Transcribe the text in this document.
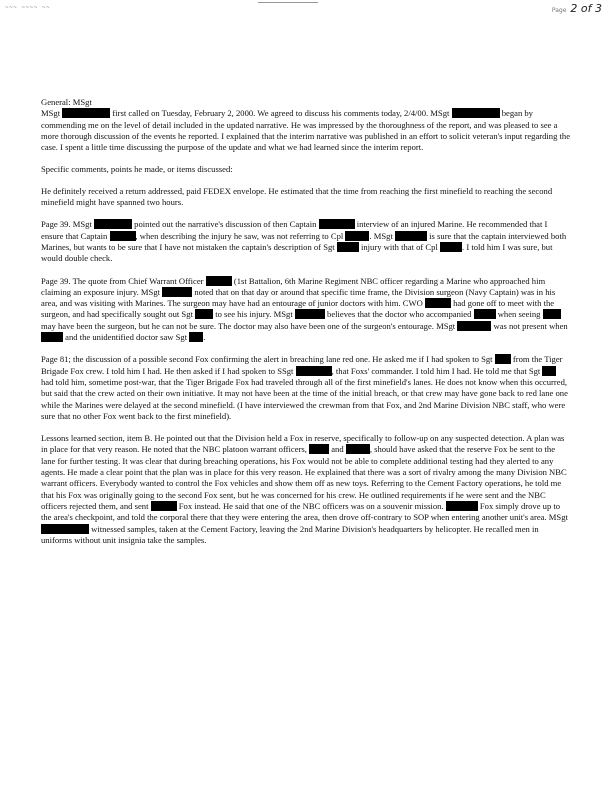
~~~ ~~~~ ~~	Page 2 of 3

General: MSgt

MSgt	first called on Tuesday, February 2, 2000. We agreed to discuss his comments today, 2/4/00. MSgt	began by commending me on the level of detail included in the updated narrative. He was impressed by the thoroughness of the report, and was pleased to see a more thorough discussion of the events he reported. I explained that the interim narrative was published in an effort to solicit veteran's input regarding the case. I spent a little time discussing the purpose of the update and what we had learned since the interim report.

Specific comments, points he made, or items discussed:

He definitely received a return addressed, paid FEDEX envelope. He estimated that the time from reaching the first minefield to reaching the second minefield might have spanned two hours.

Page 39. MSgt	pointed out the narrative's discussion of then Captain	interview of an injured Marine. He recommended that I ensure that Captain	, when describing the injury he saw, was not referring to Cpl	. MSgt	is sure that the captain interviewed both Marines, but wants to be sure that I have not mistaken the captain's description of Sgt	injury with that of Cpl	. I told him I was sure, but would double check.

Page 39. The quote from Chief Warrant Officer	(1st Battalion, 6th Marine Regiment NBC officer regarding a Marine who approached him claiming an exposure injury. MSgt	noted that on that day or around that specific time frame, the Division surgeon (Navy Captain) was in his area, and was visiting with Marines. The surgeon may have had an entourage of junior doctors with him. CWO	had gone off to meet with the surgeon, and had specifically sought out Sgt	to see his injury. MSgt	believes that the doctor who accompanied	when seeing  may have been the surgeon, but he can not be sure. The doctor may also have been one of the surgeon's entourage. MSgt	was not present when  and the unidentified doctor saw Sgt .

Page 81; the discussion of a possible second Fox confirming the alert in breaching lane red one. He asked me if I had spoken to Sgt from the Tiger Brigade Fox crew. I told him I had. He then asked if I had spoken to SSgt	, that Foxs' commander. I told him I had. He told me that Sgt  had told him, sometime post-war, that the Tiger Brigade Fox had traveled through all of the first minefield's lanes. He does not know when this occurred, but said that the crew acted on their own initiative. It may not have been at the time of the initial breach, or that crew may have gone back to red lane one while the Marines were delayed at the second minefield. (I have interviewed the crewman from that Fox, and 2nd Marine Division NBC staff, who were sure that no other Fox went back to the first minefield).

Lessons learned section, item B. He pointed out that the Division held a Fox in reserve, specifically to follow-up on any suspected detection. A plan was in place for that very reason. He noted that the NBC platoon warrant officers,	and	, should have asked that the reserve Fox be sent to the lane for further testing. It was clear that during breaching operations, his Fox would not be able to complete additional testing had they alerted to any agents. He made a clear point that the plan was in place for this very reason. He explained that there was a sort of rivalry among the many Division NBC warrant officers. Everybody wanted to control the Fox vehicles and show them off as new toys. Referring to the Cement Factory operations, he told me that his Fox was originally going to the second Fox sent, but he was concerned for his crew. He outlined requirements if he were sent and the NBC officers rejected them, and sent	Fox instead. He said that one of the NBC officers was on a souvenir mission.	Fox simply drove up to the area's checkpoint, and told the corporal there that they were entering the area, then drove off-contrary to SOP when entering another unit's area. MSgt  witnessed samples, taken at the Cement Factory, leaving the 2nd Marine Division's headquarters by helicopter. He recalled men in uniforms without unit insignia take the samples.
